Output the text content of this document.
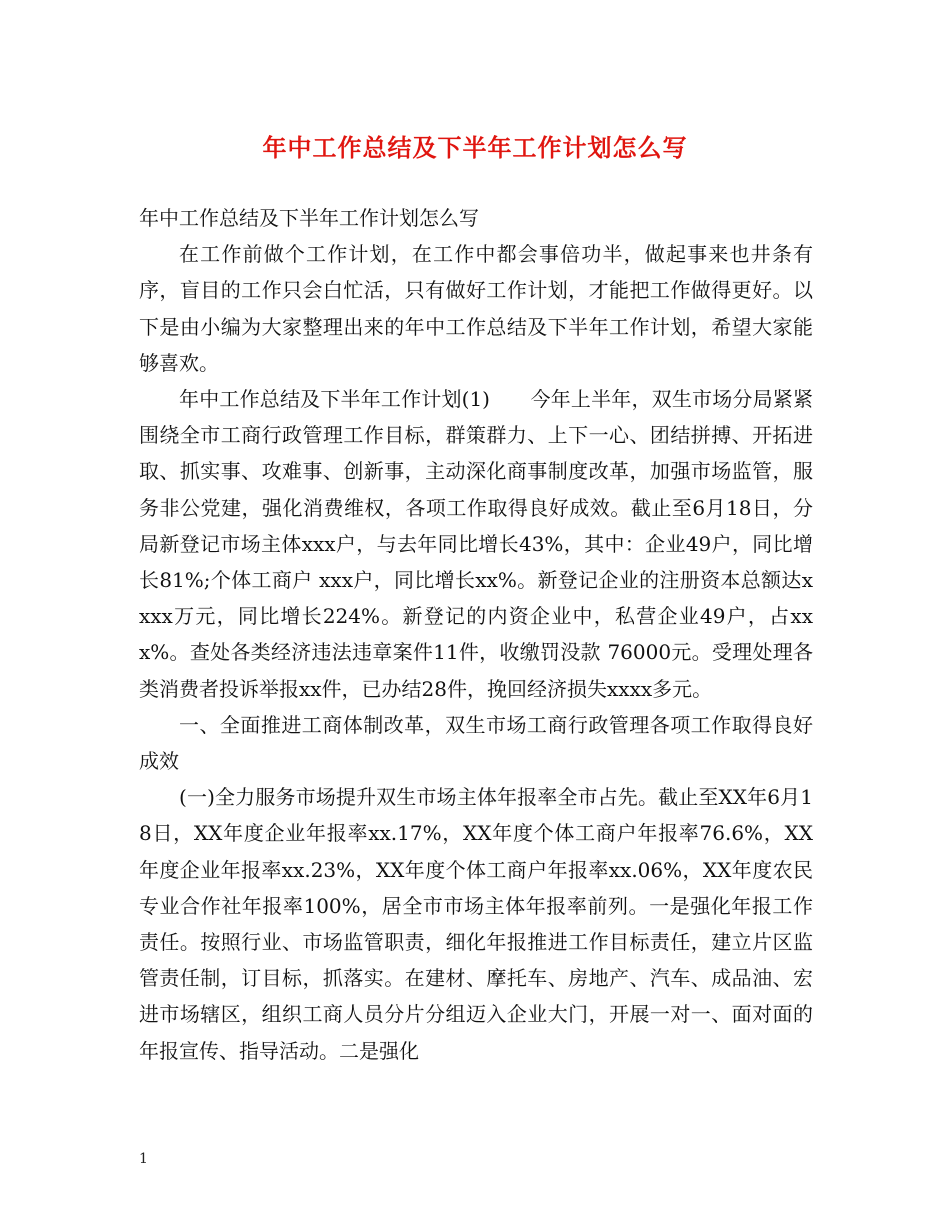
年中工作总结及下半年工作计划怎么写

年中工作总结及下半年工作计划怎么写

在工作前做个工作计划，在工作中都会事倍功半，做起事来也井条有序，盲目的工作只会白忙活，只有做好工作计划，才能把工作做得更好。以下是由小编为大家整理出来的年中工作总结及下半年工作计划，希望大家能够喜欢。

年中工作总结及下半年工作计划(1)　　今年上半年，双生市场分局紧紧围绕全市工商行政管理工作目标，群策群力、上下一心、团结拼搏、开拓进取、抓实事、攻难事、创新事，主动深化商事制度改革，加强市场监管，服务非公党建，强化消费维权，各项工作取得良好成效。截止至6月18日，分局新登记市场主体xxx户，与去年同比增长43%，其中：企业49户，同比增长81%;个体工商户 xxx户，同比增长xx%。新登记企业的注册资本总额达xxxx万元，同比增长224%。新登记的内资企业中，私营企业49户，占xxx%。查处各类经济违法违章案件11件，收缴罚没款 76000元。受理处理各类消费者投诉举报xx件，已办结28件，挽回经济损失xxxx多元。

一、全面推进工商体制改革，双生市场工商行政管理各项工作取得良好成效

(一)全力服务市场提升双生市场主体年报率全市占先。截止至XX年6月18日，XX年度企业年报率xx.17%，XX年度个体工商户年报率76.6%，XX年度企业年报率xx.23%，XX年度个体工商户年报率xx.06%，XX年度农民专业合作社年报率100%，居全市市场主体年报率前列。一是强化年报工作责任。按照行业、市场监管职责，细化年报推进工作目标责任，建立片区监管责任制，订目标，抓落实。在建材、摩托车、房地产、汽车、成品油、宏进市场辖区，组织工商人员分片分组迈入企业大门，开展一对一、面对面的年报宣传、指导活动。二是强化

1
